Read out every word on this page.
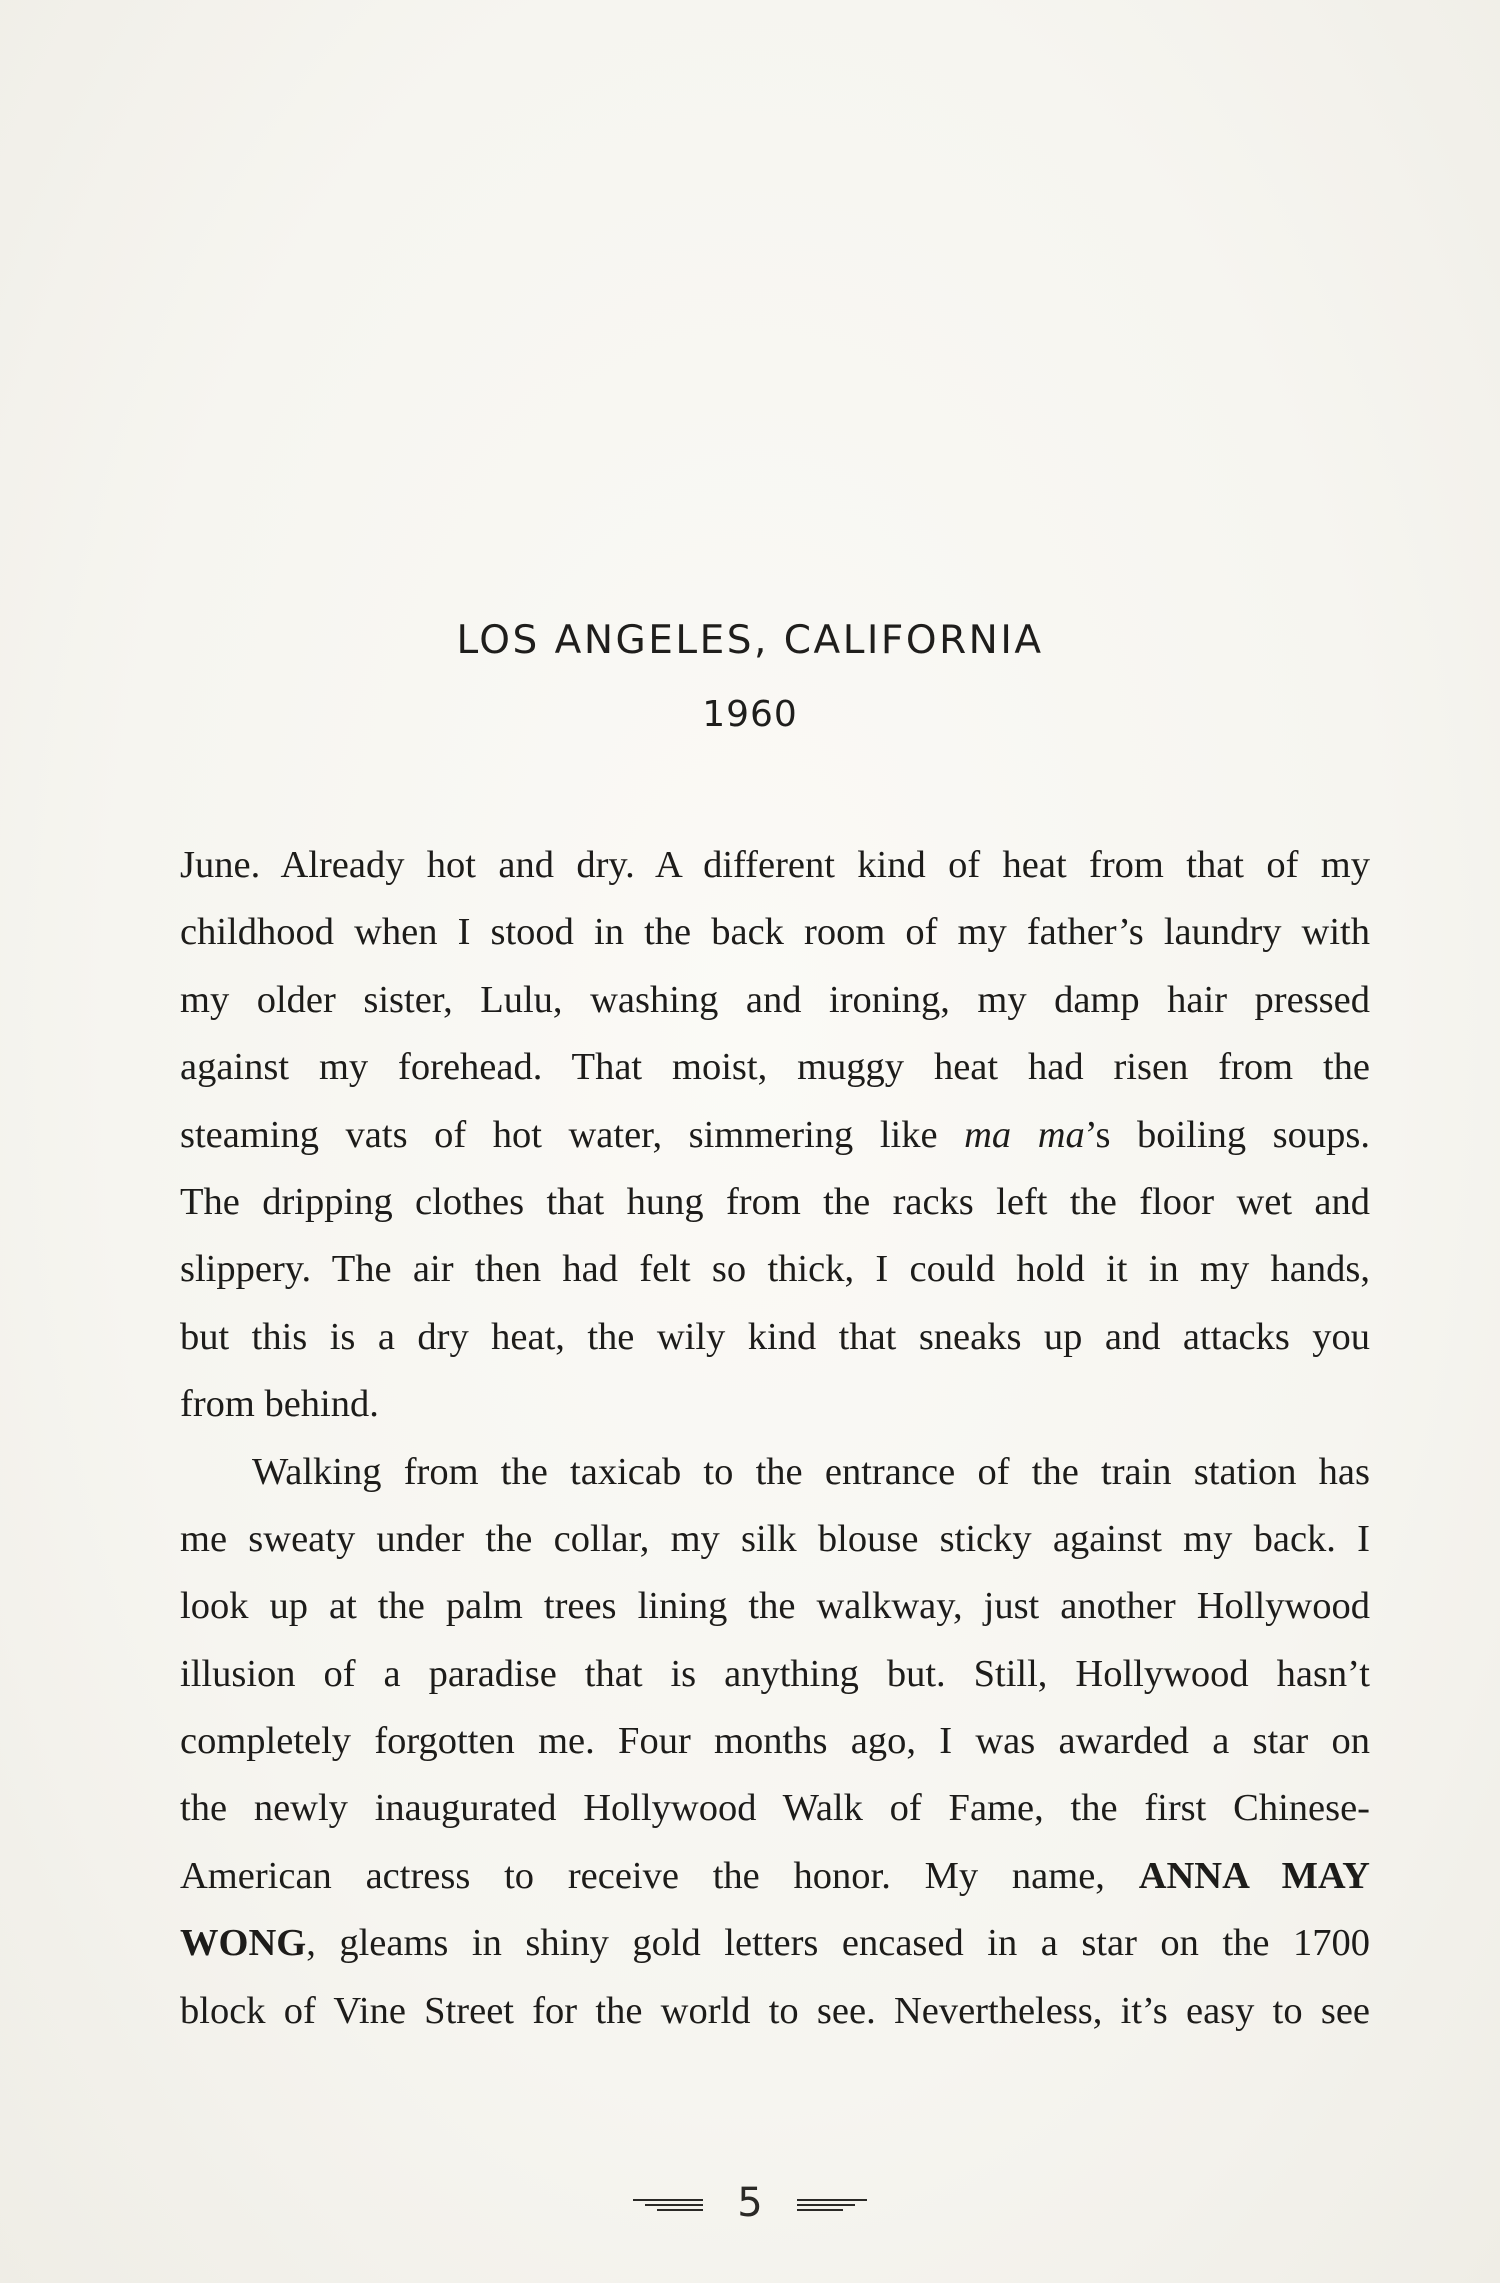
LOS ANGELES, CALIFORNIA
1960
June. Already hot and dry. A different kind of heat from that of my
childhood when I stood in the back room of my father’s laundry with
my older sister, Lulu, washing and ironing, my damp hair pressed
against my forehead. That moist, muggy heat had risen from the
steaming vats of hot water, simmering like ma ma’s boiling soups.
The dripping clothes that hung from the racks left the floor wet and
slippery. The air then had felt so thick, I could hold it in my hands,
but this is a dry heat, the wily kind that sneaks up and attacks you
from behind.
Walking from the taxicab to the entrance of the train station has
me sweaty under the collar, my silk blouse sticky against my back. I
look up at the palm trees lining the walkway, just another Hollywood
illusion of a paradise that is anything but. Still, Hollywood hasn’t
completely forgotten me. Four months ago, I was awarded a star on
the newly inaugurated Hollywood Walk of Fame, the first Chinese-
American actress to receive the honor. My name, ANNA MAY
WONG, gleams in shiny gold letters encased in a star on the 1700
block of Vine Street for the world to see. Nevertheless, it’s easy to see
5
